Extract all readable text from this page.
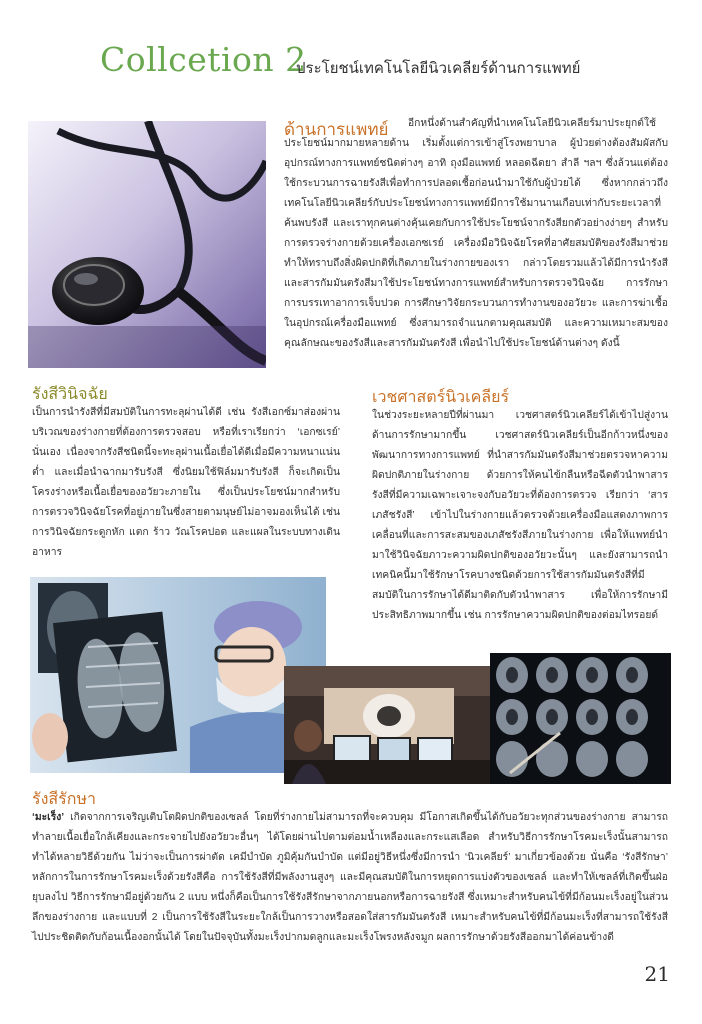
Collcetion 2
ประโยชน์เทคโนโลยีนิวเคลียร์ด้านการแพทย์
ด้านการแพทย์	อีกหนึ่งด้านสำคัญที่นำเทคโนโลยีนิวเคลียร์มาประยุกต์ใช้ประโยชน์มากมายหลายด้าน เริ่มตั้งแต่การเข้าสู่โรงพยาบาล ผู้ป่วยต่างต้องสัมผัสกับอุปกรณ์ทางการแพทย์ชนิดต่างๆ อาทิ ถุงมือแพทย์ หลอดฉีดยา สำลี ฯลฯ ซึ่งล้วนแต่ต้องใช้กระบวนการฉายรังสีเพื่อทำการปลอดเชื้อก่อนนำมาใช้กับผู้ป่วยได้ ซึ่งหากกล่าวถึงเทคโนโลยีนิวเคลียร์กับประโยชน์ทางการแพทย์มีการใช้มานานเกือบเท่ากับระยะเวลาที่ค้นพบรังสี และเราทุกคนต่างคุ้นเคยกับการใช้ประโยชน์จากรังสียกตัวอย่างง่ายๆ สำหรับการตรวจร่างกายด้วยเครื่องเอกซเรย์ เครื่องมือวินิจฉัยโรคที่อาศัยสมบัติของรังสีมาช่วยทำให้ทราบถึงสิ่งผิดปกติที่เกิดภายในร่างกายของเรา กล่าวโดยรวมแล้วได้มีการนำรังสีและสารกัมมันตรังสีมาใช้ประโยชน์ทางการแพทย์สำหรับการตรวจวินิจฉัย การรักษา การบรรเทาอาการเจ็บปวด การศึกษาวิจัยกระบวนการทำงานของอวัยวะ และการฆ่าเชื้อในอุปกรณ์เครื่องมือแพทย์ ซึ่งสามารถจำแนกตามคุณสมบัติ และความเหมาะสมของคุณลักษณะของรังสีและสารกัมมันตรังสี เพื่อนำไปใช้ประโยชน์ด้านต่างๆ ดังนี้
รังสีวินิจฉัย
เป็นการนำรังสีที่มีสมบัติในการทะลุผ่านได้ดี เช่น รังสีเอกซ์มาส่องผ่านบริเวณของร่างกายที่ต้องการตรวจสอบ หรือที่เราเรียกว่า ‘เอกซเรย์’ นั่นเอง เนื่องจากรังสีชนิดนี้จะทะลุผ่านเนื้อเยื่อได้ดีเมื่อมีความหนาแน่นต่ำ และเมื่อนำฉากมารับรังสี ซึ่งนิยมใช้ฟิล์มมารับรังสี ก็จะเกิดเป็นโครงร่างหรือเนื้อเยื่อของอวัยวะภายใน ซึ่งเป็นประโยชน์มากสำหรับการตรวจวินิจฉัยโรคที่อยู่ภายในซึ่งสายตามนุษย์ไม่อาจมองเห็นได้ เช่น การวินิจฉัยกระดูกหัก แตก ร้าว วัณโรคปอด และแผลในระบบทางเดินอาหาร
เวชศาสตร์นิวเคลียร์
ในช่วงระยะหลายปีที่ผ่านมา เวชศาสตร์นิวเคลียร์ได้เข้าไปสู่งานด้านการรักษามากขึ้น เวชศาสตร์นิวเคลียร์เป็นอีกก้าวหนึ่งของพัฒนาการทางการแพทย์ ที่นำสารกัมมันตรังสีมาช่วยตรวจหาความผิดปกติภายในร่างกาย ด้วยการให้คนไข้กลืนหรือฉีดตัวนำพาสารรังสีที่มีความเฉพาะเจาะจงกับอวัยวะที่ต้องการตรวจ เรียกว่า ‘สารเภสัชรังสี’ เข้าไปในร่างกายแล้วตรวจด้วยเครื่องมือแสดงภาพการเคลื่อนที่และการสะสมของเภสัชรังสีภายในร่างกาย เพื่อให้แพทย์นำมาใช้วินิจฉัยภาวะความผิดปกติของอวัยวะนั้นๆ และยังสามารถนำเทคนิคนี้มาใช้รักษาโรคบางชนิดด้วยการใช้สารกัมมันตรังสีที่มีสมบัติในการรักษาได้ดีมาติดกับตัวนำพาสาร เพื่อให้การรักษามีประสิทธิภาพมากขึ้น เช่น การรักษาความผิดปกติของต่อมไทรอยด์
รังสีรักษา
‘มะเร็ง’ เกิดจากการเจริญเติบโตผิดปกติของเซลล์ โดยที่ร่างกายไม่สามารถที่จะควบคุม มีโอกาสเกิดขึ้นได้กับอวัยวะทุกส่วนของร่างกาย สามารถทำลายเนื้อเยื่อใกล้เคียงและกระจายไปยังอวัยวะอื่นๆ ได้โดยผ่านไปตามต่อมน้ำเหลืองและกระแสเลือด สำหรับวิธีการรักษาโรคมะเร็งนั้นสามารถทำได้หลายวิธีด้วยกัน ไม่ว่าจะเป็นการผ่าตัด เคมีบำบัด ภูมิคุ้มกันบำบัด แต่มีอยู่วิธีหนึ่งซึ่งมีการนำ ‘นิวเคลียร์’ มาเกี่ยวข้องด้วย นั่นคือ ‘รังสีรักษา’ หลักการในการรักษาโรคมะเร็งด้วยรังสีคือ การใช้รังสีที่มีพลังงานสูงๆ และมีคุณสมบัติในการหยุดการแบ่งตัวของเซลล์ และทำให้เซลล์ที่เกิดขึ้นฝ่อยุบลงไป วิธีการรักษามีอยู่ด้วยกัน 2 แบบ หนึ่งก็คือเป็นการใช้รังสีรักษาจากภายนอกหรือการฉายรังสี ซึ่งเหมาะสำหรับคนไข้ที่มีก้อนมะเร็งอยู่ในส่วนลึกของร่างกาย และแบบที่ 2 เป็นการใช้รังสีในระยะใกล้เป็นการวางหรือสอดใส่สารกัมมันตรังสี เหมาะสำหรับคนไข้ที่มีก้อนมะเร็งที่สามารถใช้รังสีไปประชิดติดกับก้อนเนื้องอกนั้นได้ โดยในปัจจุบันทั้งมะเร็งปากมดลูกและมะเร็งโพรงหลังจมูก ผลการรักษาด้วยรังสีออกมาได้ค่อนข้างดี
21
